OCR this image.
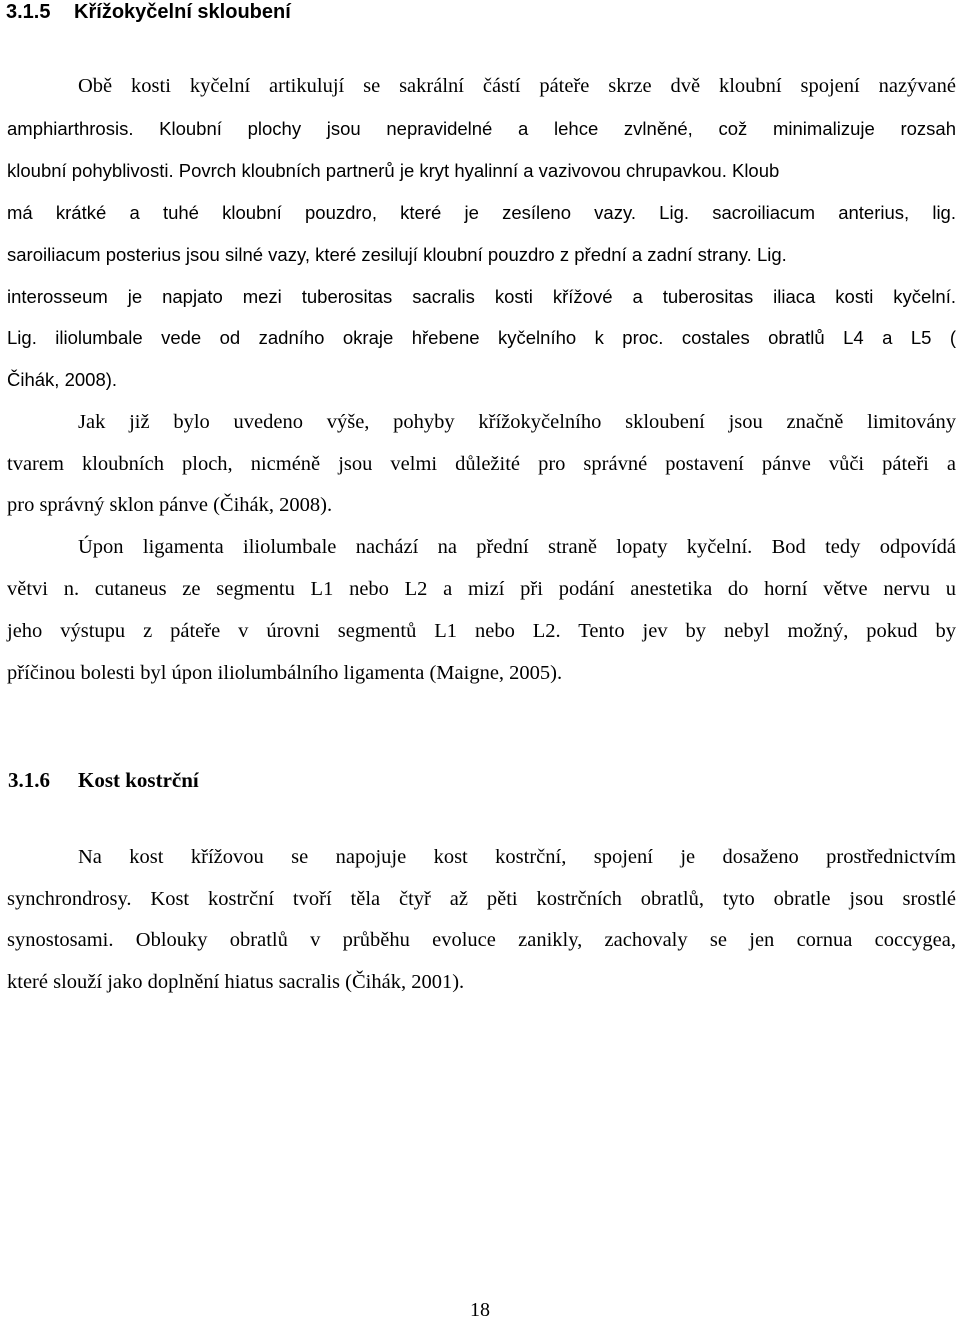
3.1.5 Křížokyčelní skloubení

Obě kosti kyčelní artikulují se sakrální částí páteře skrze dvě kloubní spojení nazývané

amphiarthrosis. Kloubní plochy jsou nepravidelné a lehce zvlněné, což minimalizuje rozsah

kloubní pohyblivosti. Povrch kloubních partnerů je kryt hyalinní a vazivovou chrupavkou. Kloub

má krátké a tuhé kloubní pouzdro, které je zesíleno vazy. Lig. sacroiliacum anterius, lig.

saroiliacum posterius jsou silné vazy, které zesilují kloubní pouzdro z přední a zadní strany. Lig.

interosseum je napjato mezi tuberositas sacralis kosti křížové a tuberositas iliaca kosti kyčelní.

Lig. iliolumbale vede od zadního okraje hřebene kyčelního k proc. costales obratlů L4 a L5 (

Čihák, 2008).

Jak již bylo uvedeno výše, pohyby křížokyčelního skloubení jsou značně limitovány

tvarem kloubních ploch, nicméně jsou velmi důležité pro správné postavení pánve vůči páteři a

pro správný sklon pánve (Čihák, 2008).

Úpon ligamenta iliolumbale nachází na přední straně lopaty kyčelní. Bod tedy odpovídá

větvi n. cutaneus ze segmentu L1 nebo L2 a mizí při podání anestetika do horní větve nervu u

jeho výstupu z páteře v úrovni segmentů L1 nebo L2. Tento jev by nebyl možný, pokud by

příčinou bolesti byl úpon iliolumbálního ligamenta (Maigne, 2005).

3.1.6 Kost kostrční

Na kost křížovou se napojuje kost kostrční, spojení je dosaženo prostřednictvím

synchrondrosy. Kost kostrční tvoří těla čtyř až pěti kostrčních obratlů, tyto obratle jsou srostlé

synostosami. Oblouky obratlů v průběhu evoluce zanikly, zachovaly se jen cornua coccygea,

které slouží jako doplnění hiatus sacralis (Čihák, 2001).

18
